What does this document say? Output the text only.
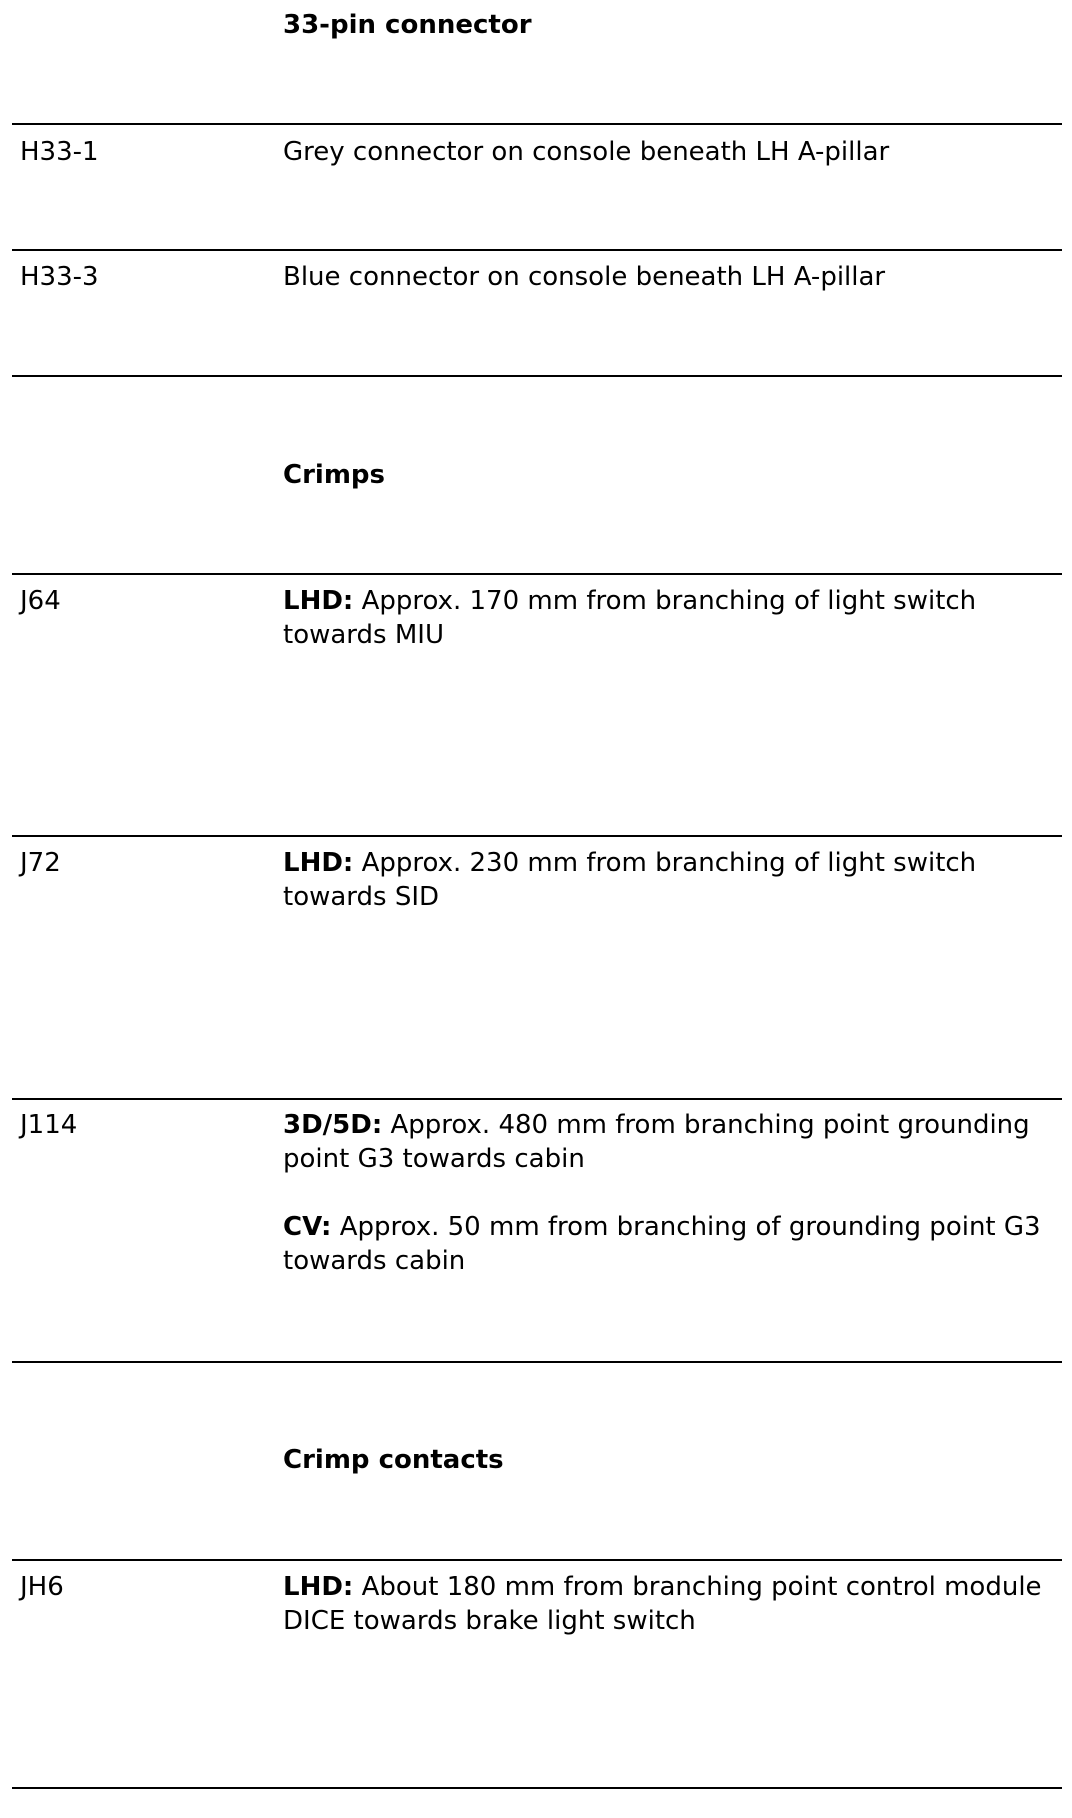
33-pin connector
H33-1	Grey connector on console beneath LH A-pillar

H33-3	Blue connector on console beneath LH A-pillar

Crimps
J64	LHD: Approx. 170 mm from branching of light switch towards MIU

J72	LHD: Approx. 230 mm from branching of light switch towards SID

J114	3D/5D: Approx. 480 mm from branching point grounding point G3 towards cabin

CV: Approx. 50 mm from branching of grounding point G3 towards cabin

Crimp contacts
JH6	LHD: About 180 mm from branching point control module DICE towards brake light switch
